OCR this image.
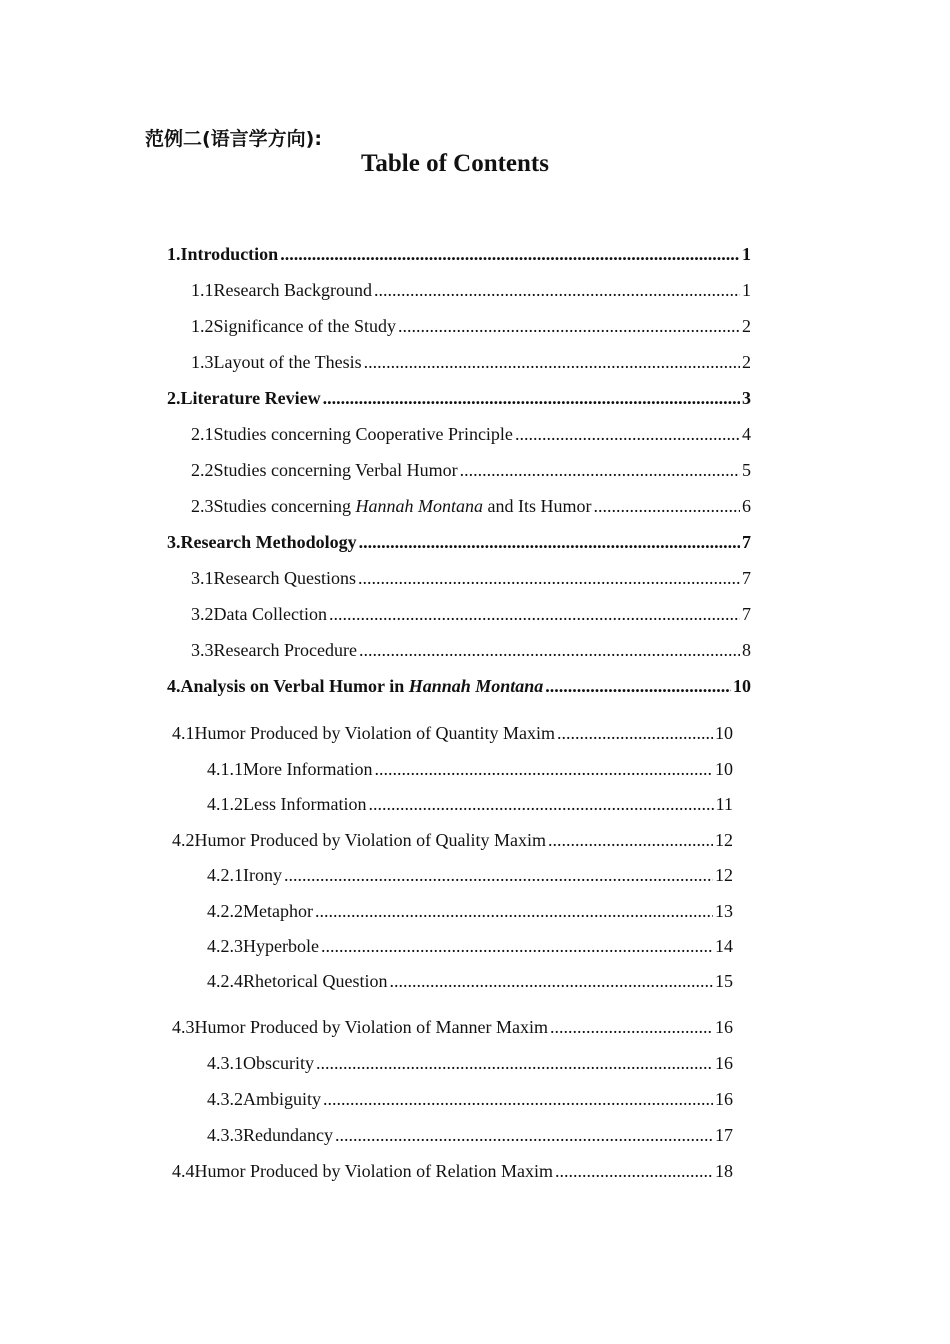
范例二(语言学方向):
Table of Contents
1. Introduction .....	1
1.1 Research Background .....	1
1.2 Significance of the Study .....	2
1.3 Layout of the Thesis .....	2
2. Literature Review .....	3
2.1 Studies concerning Cooperative Principle .....	4
2.2 Studies concerning Verbal Humor .....	5
2.3 Studies concerning Hannah Montana and Its Humor .....	6
3. Research Methodology .....	7
3.1 Research Questions .....	7
3.2 Data Collection .....	7
3.3 Research Procedure .....	8
4. Analysis on Verbal Humor in Hannah Montana .....	10
4.1 Humor Produced by Violation of Quantity Maxim .....	10
4.1.1 More Information .....	10
4.1.2 Less Information .....	11
4.2 Humor Produced by Violation of Quality Maxim .....	12
4.2.1 Irony .....	12
4.2.2 Metaphor .....	13
4.2.3 Hyperbole .....	14
4.2.4 Rhetorical Question .....	15
4.3 Humor Produced by Violation of Manner Maxim .....	16
4.3.1 Obscurity .....	16
4.3.2 Ambiguity .....	16
4.3.3 Redundancy .....	17
4.4 Humor Produced by Violation of Relation Maxim .....	18
